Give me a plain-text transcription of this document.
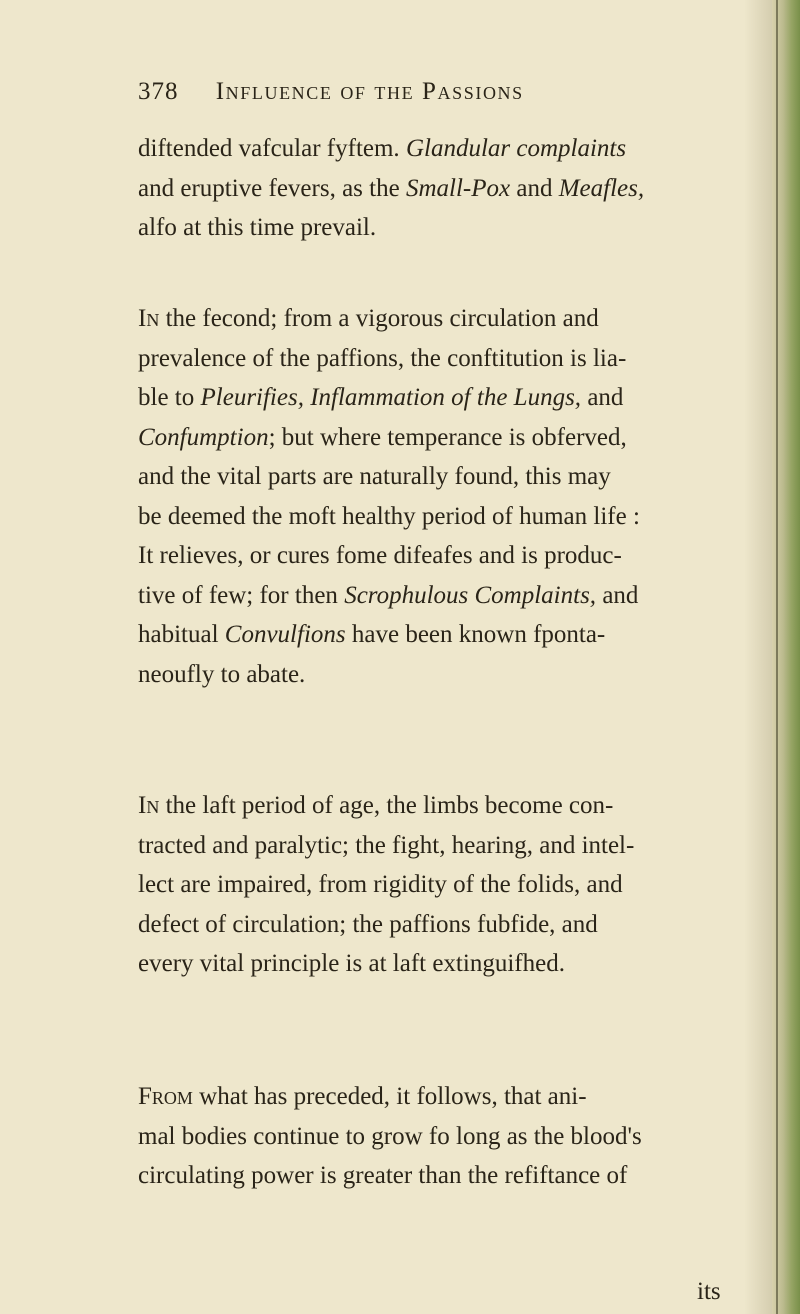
378 Influence of the Passions
diftended vafcular fyftem. Glandular complaints
and eruptive fevers, as the Small-Pox and Meafles,
alfo at this time prevail.
In the fecond; from a vigorous circulation and
prevalence of the paffions, the conftitution is lia-
ble to Pleurifies, Inflammation of the Lungs, and
Confumption; but where temperance is obferved,
and the vital parts are naturally found, this may
be deemed the moft healthy period of human life :
It relieves, or cures fome difeafes and is produc-
tive of few; for then Scrophulous Complaints, and
habitual Convulfions have been known fponta-
neoufly to abate.
In the laft period of age, the limbs become con-
tracted and paralytic; the fight, hearing, and intel-
lect are impaired, from rigidity of the folids, and
defect of circulation; the paffions fubfide, and
every vital principle is at laft extinguifhed.
From what has preceded, it follows, that ani-
mal bodies continue to grow fo long as the blood's
circulating power is greater than the refiftance of
its
